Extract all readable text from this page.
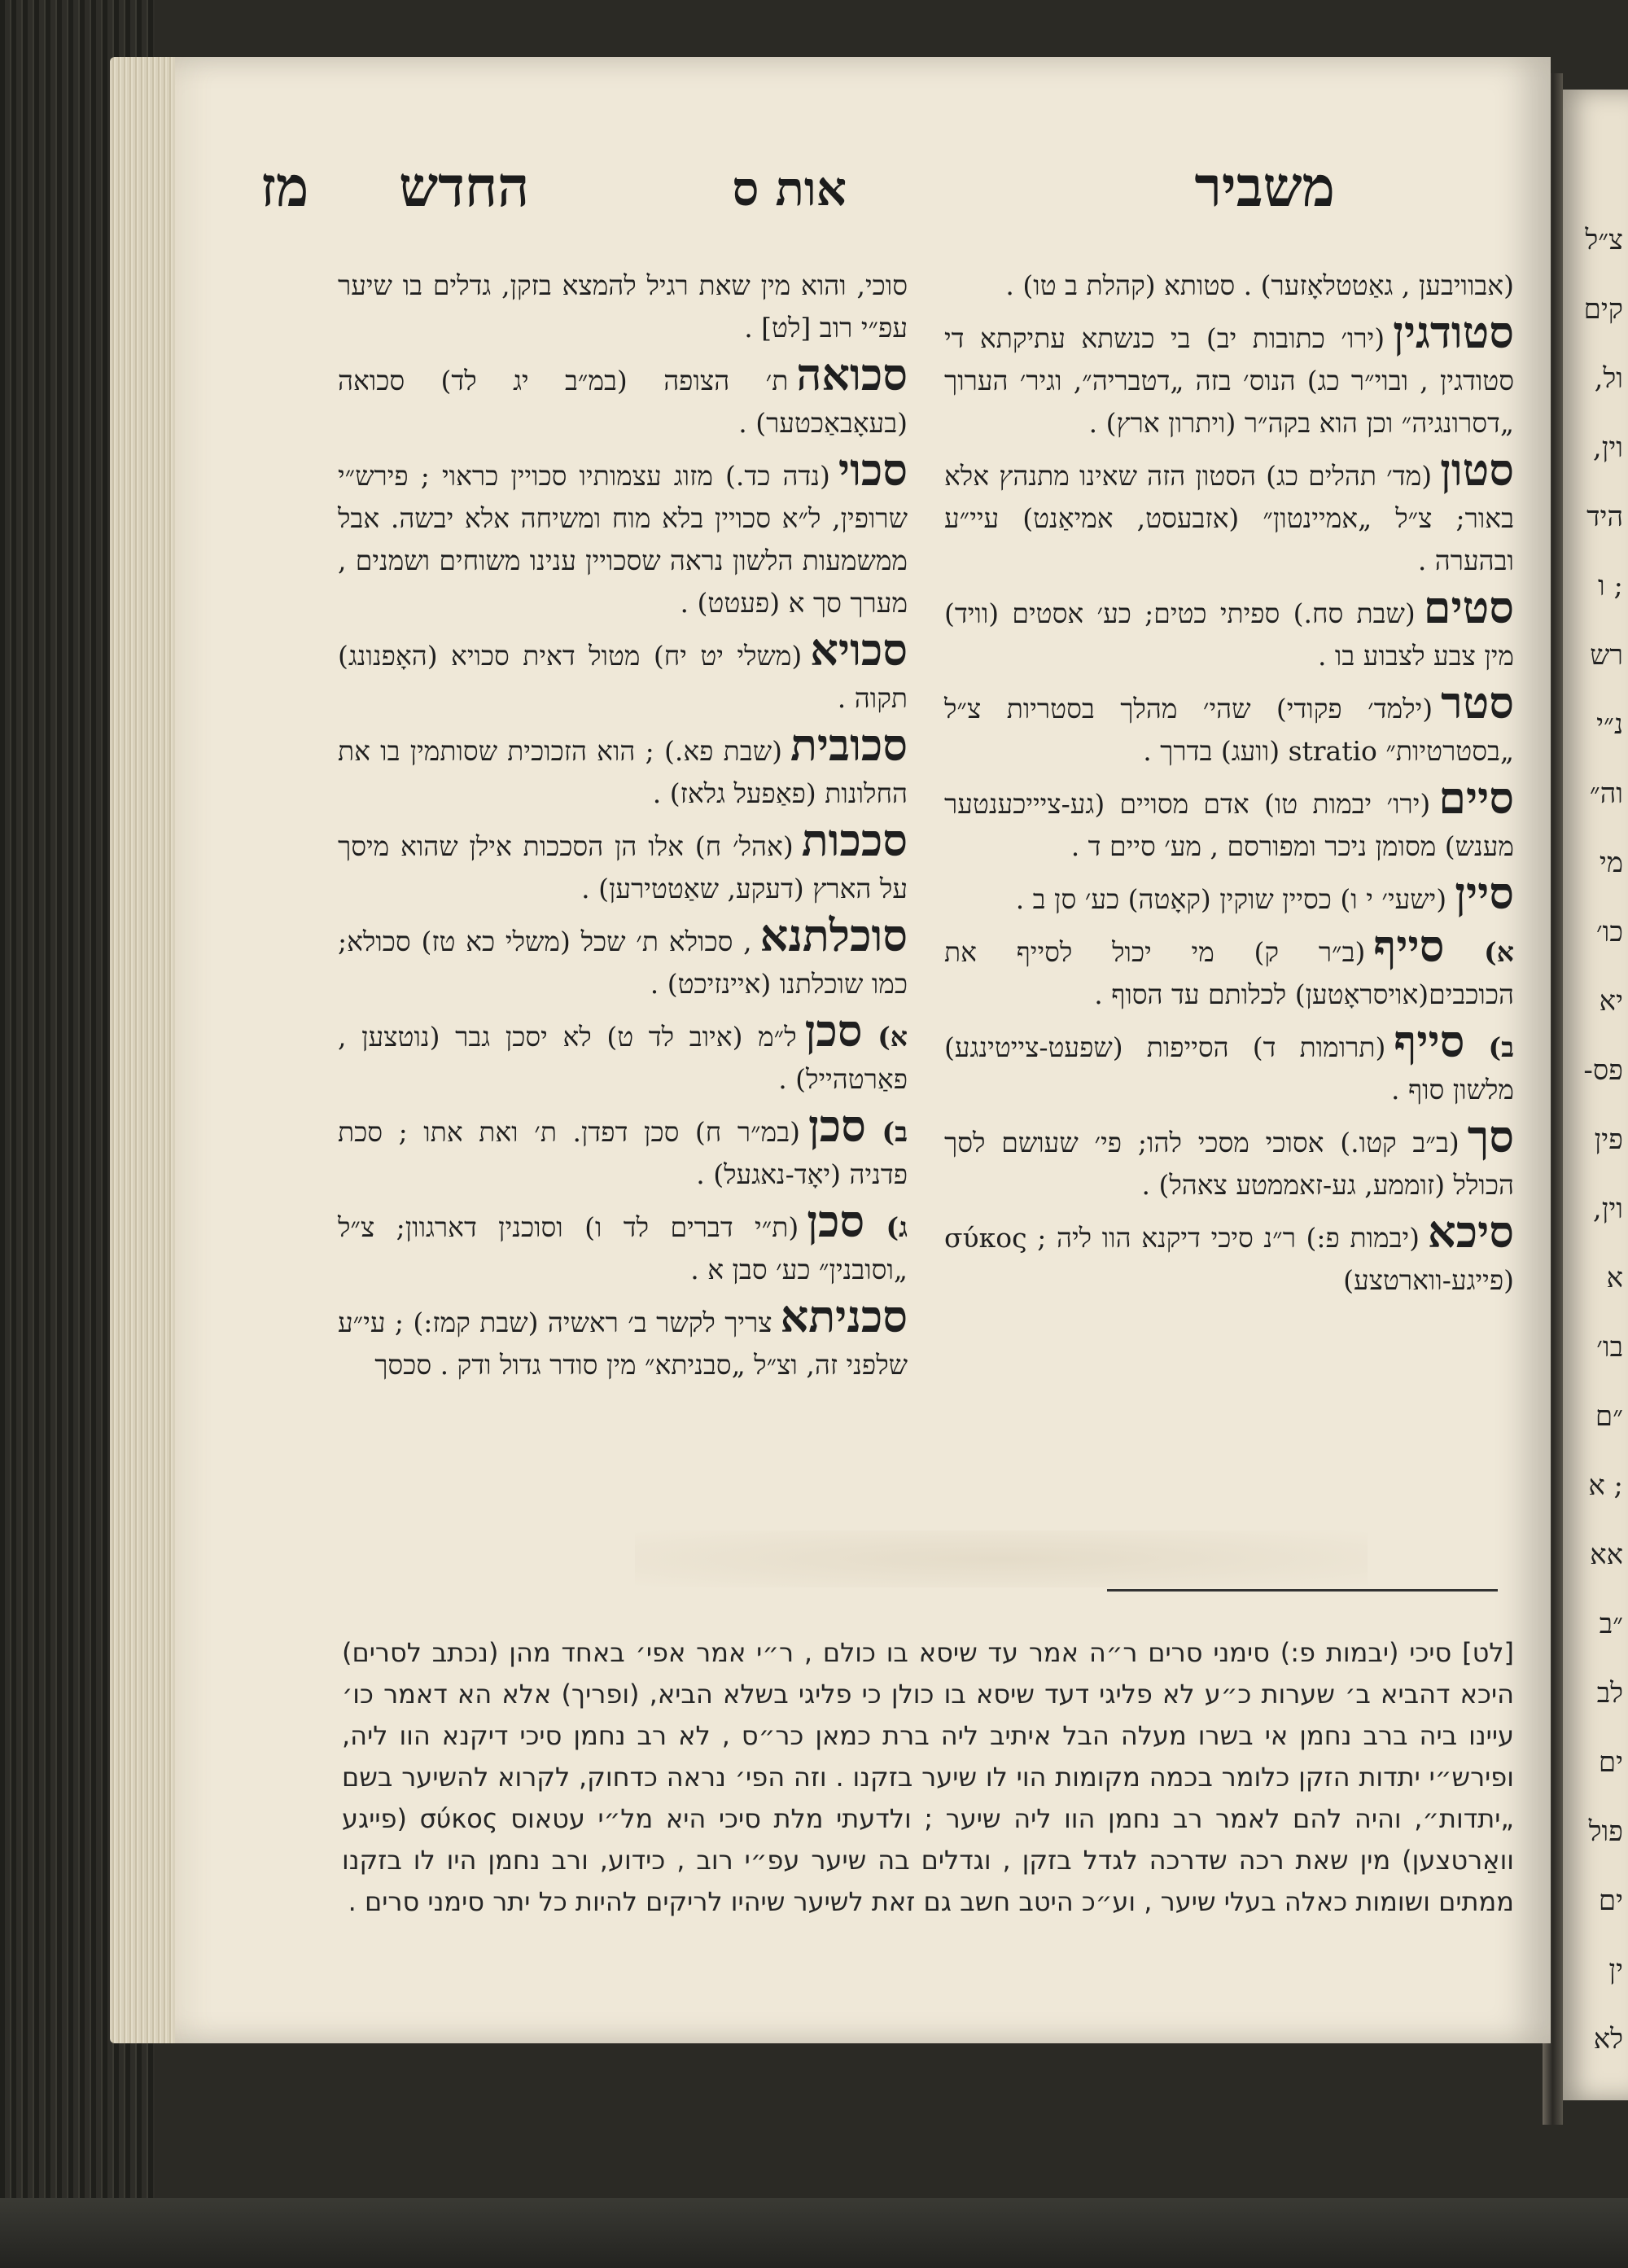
צ״ל
קים
ול,
וין,
היד
; ו
רש
נ״י
וה״
מי
כו׳
יא
פס-
פין
וין,
א
בו׳
״ם
; א
אא
״ב
לב
ים
פול
ים
ין
לא
משביר
אות ס
החדש
מז
(אבוויבען , גאַטטלאָזער) . סטותא (קהלת ב טו) .
סטודגין(ירו׳ כתובות יב) בי כנשתא עתיקתא די סטודגין , ובוי״ר כג) הנוס׳ בזה „דטבריה״, וגיר׳ הערוך „דסרונגיה״ וכן הוא בקה״ר (ויתרון ארץ) .
סטון(מד׳ תהלים כג) הסטון הזה שאינו מתנהץ אלא באור; צ״ל „אמיינטון״ (אזבעסט, אמיאַנט) עיי״ע ובהערה .
סטים(שבת סח.) ספיתי כטים; כע׳ אסטים (וויד) מין צבע לצבוע בו .
סטר(ילמד׳ פקודי) שהי׳ מהלך בסטריות צ״ל „בסטרטיות״ stratio (וועג) בדרך .
סיים(ירו׳ יבמות טו) אדם מסויים (גע-ציייכענטער מענש) מסומן ניכר ומפורסם , מע׳ סיים ד .
סיין(ישעי׳ י ו) כסיין שוקין (קאָטה) כע׳ סן ב .
א) סייף(ב״ר ק) מי יכול לסייף את הכוכבים(אויסראָטען) לכלותם עד הסוף .
ב) סייף(תרומות ד) הסייפות (שפעט-צייטינגע) מלשון סוף .
סך(ב״ב קטו.) אסוכי מסכי להו; פי׳ שעושם לסך הכולל (זוממע, גע-זאממטע צאהל) .
סיכא(יבמות פ:) ר״נ סיכי דיקנא הוו ליה ; σύκος (פייגע-ווארטצע)
סוכי, והוא מין שאת רגיל להמצא בזקן, גדלים בו שיער עפ״י רוב [לט] .
סכואהת׳ הצופה (במ״ב יג לד) סכואה (בעאָבאַכטער) .
סכוי(נדה כד.) מזוג עצמותיו סכויין כראוי ; פירש״י שרופין, ל״א סכויין בלא מוח ומשיחה אלא יבשה. אבל ממשמעות הלשון נראה שסכויין ענינו משוחים ושמנים , מערך סך א (פעטט) .
סכויא(משלי יט יח) מטול דאית סכויא (האָפנונג) תקוה .
סכובית(שבת פא.) ; הוא הזכוכית שסותמין בו את החלונות (פאַפעל גלאז) .
סככות(אהל׳ ח) אלו הן הסככות אילן שהוא מיסך על הארץ (דעקע, שאַטטירען) .
סוכלתנא, סכולא ת׳ שכל (משלי כא טז) סכולא; כמו שוכלתנו (איינזיכט) .
א) סכןל״מ (איוב לד ט) לא יסכן גבר (נוטצען , פאַרטהייל) .
ב) סכן(במ״ר ח) סכן דפדן. ת׳ ואת אתו ; סכת פדניה (יאָד-נאגעל) .
ג) סכן(ת״י דברים לד ו) וסוכנין דארגוון; צ״ל „וסובנין״ כע׳ סבן א .
סכניתאצריך לקשר ב׳ ראשיה (שבת קמז:) ; עי״ע שלפני זה, וצ״ל „סבניתא״ מין סודר גדול ודק . סכסך
[לט] סיכי (יבמות פ:) סימני סרים ר״ה אמר עד שיסא בו כולם , ר״י אמר אפי׳ באחד מהן (נכתב לסרים) היכא דהביא ב׳ שערות כ״ע לא פליגי דעד שיסא בו כולן כי פליגי בשלא הביא, (ופריך) אלא הא דאמר כו׳ עיינו ביה ברב נחמן אי בשרו מעלה הבל איתיב ליה ברת כמאן כר״ס , לא רב נחמן סיכי דיקנא הוו ליה, ופירש״י יתדות הזקן כלומר בכמה מקומות הוי לו שיער בזקנו . וזה הפי׳ נראה כדחוק, לקרוא להשיער בשם „יתדות״, והיה להם לאמר רב נחמן הוו ליה שיער ; ולדעתי מלת סיכי היא מל״י עטאוס σύκος (פייגע וואַרטצען) מין שאת רכה שדרכה לגדל בזקן , וגדלים בה שיער עפ״י רוב , כידוע, ורב נחמן היו לו בזקנו ממתים ושומות כאלה בעלי שיער , וע״כ היטב חשב גם זאת לשיער שיהיו לריקים להיות כל יתר סימני סרים .
